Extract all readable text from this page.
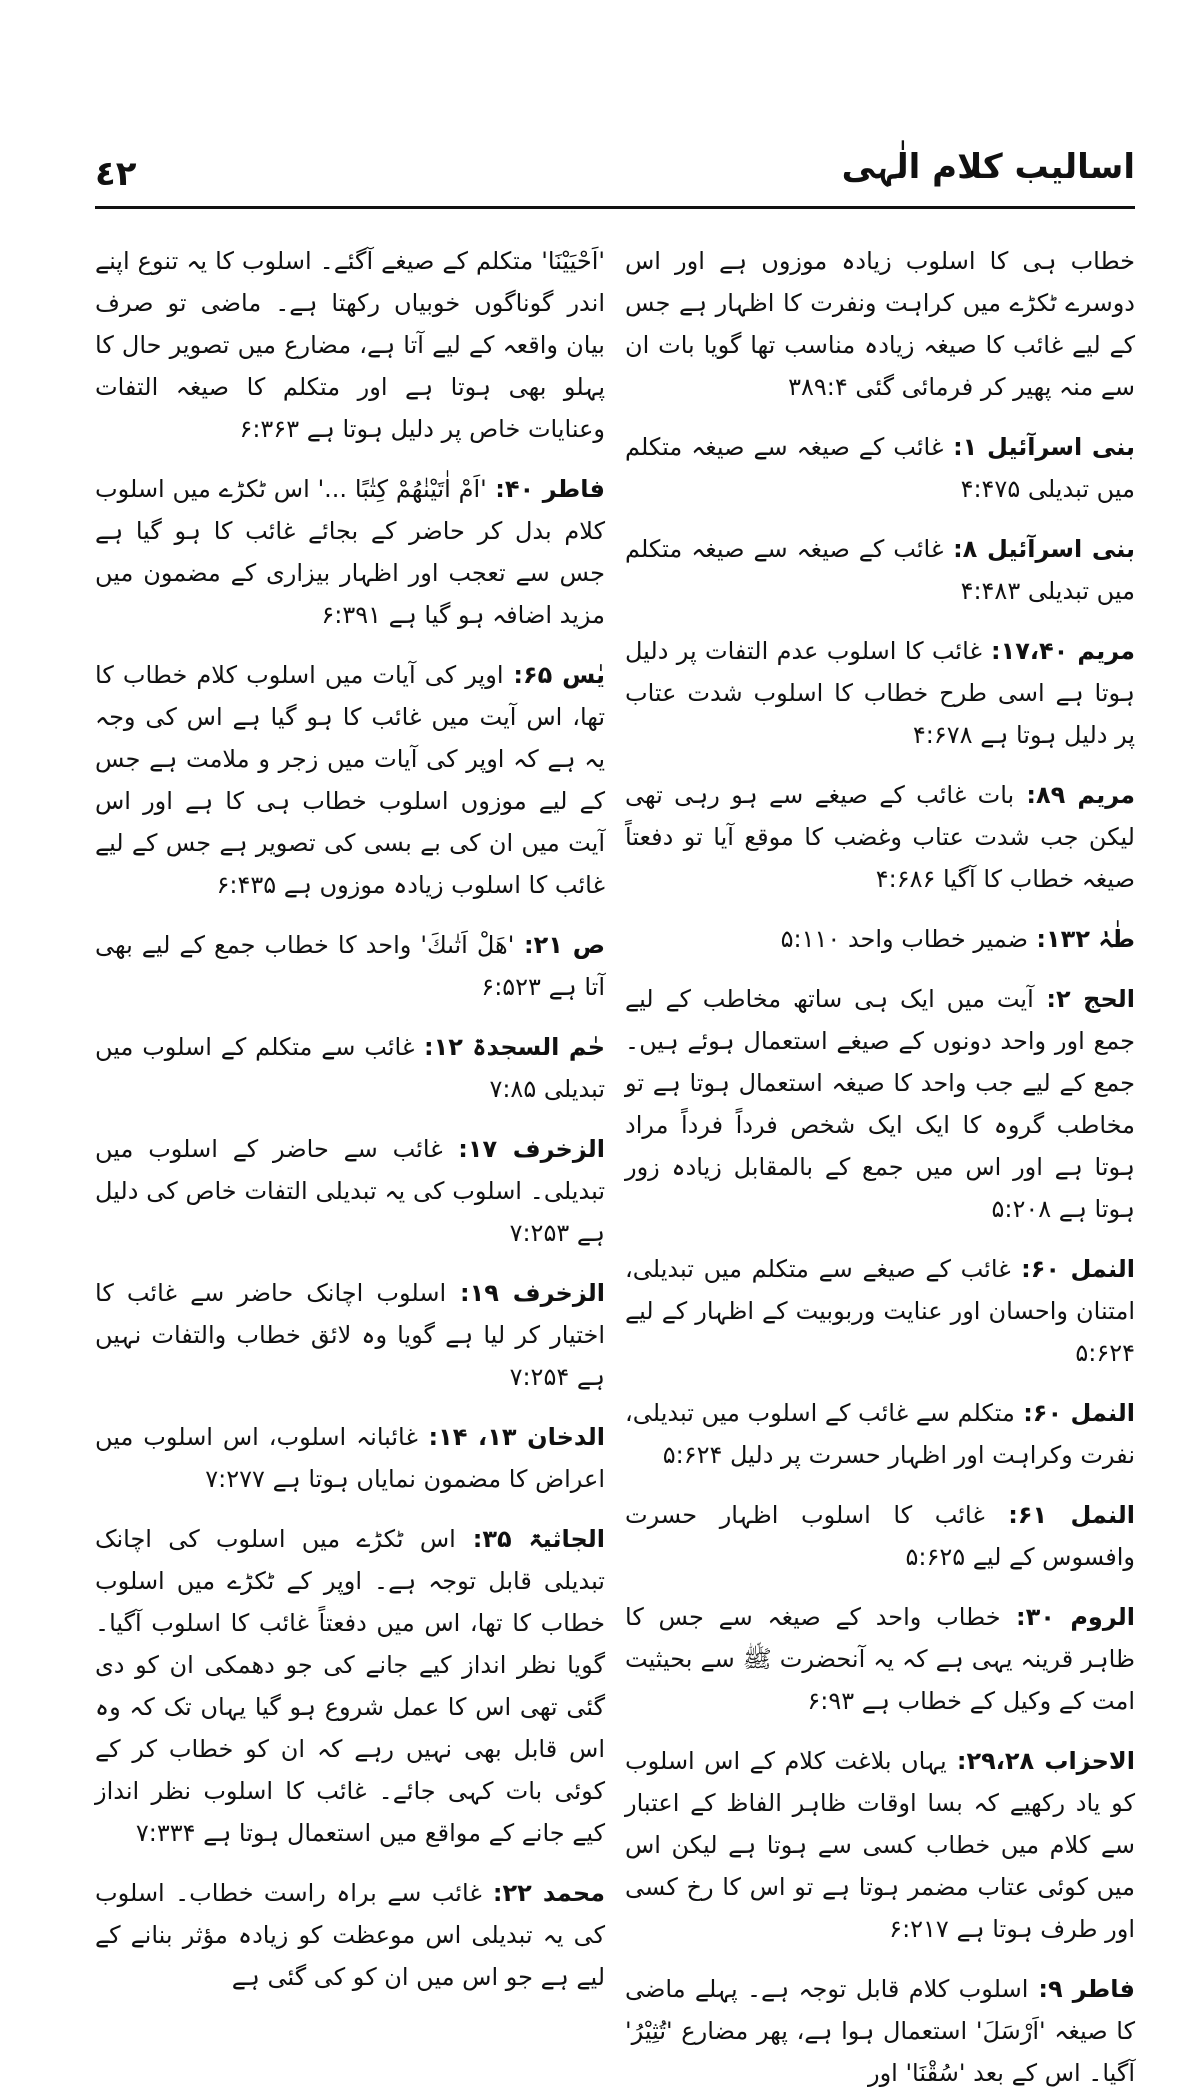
٤٢	اسالیب کلام الٰہی

خطاب ہی کا اسلوب زیادہ موزوں ہے اور اس دوسرے ٹکڑے میں کراہت ونفرت کا اظہار ہے جس کے لیے غائب کا صیغہ زیادہ مناسب تھا گویا بات ان سے منہ پھیر کر فرمائی گئی ۳۸۹:۴

بنی اسرآئیل ۱: غائب کے صیغہ سے صیغہ متکلم میں تبدیلی ۴:۴۷۵

بنی اسرآئیل ۸: غائب کے صیغہ سے صیغہ متکلم میں تبدیلی ۴:۴۸۳

مریم ۱۷،۴۰: غائب کا اسلوب عدم التفات پر دلیل ہوتا ہے اسی طرح خطاب کا اسلوب شدت عتاب پر دلیل ہوتا ہے ۴:۶۷۸

مریم ۸۹: بات غائب کے صیغے سے ہو رہی تھی لیکن جب شدت عتاب وغضب کا موقع آیا تو دفعتاً صیغہ خطاب کا آگیا ۴:۶۸۶

طٰہٰ ۱۳۲: ضمیر خطاب واحد ۵:۱۱۰

الحج ۲: آیت میں ایک ہی ساتھ مخاطب کے لیے جمع اور واحد دونوں کے صیغے استعمال ہوئے ہیں۔ جمع کے لیے جب واحد کا صیغہ استعمال ہوتا ہے تو مخاطب گروہ کا ایک ایک شخص فرداً فرداً مراد ہوتا ہے اور اس میں جمع کے بالمقابل زیادہ زور ہوتا ہے ۵:۲۰۸

النمل ۶۰: غائب کے صیغے سے متکلم میں تبدیلی، امتنان واحسان اور عنایت وربوبیت کے اظہار کے لیے ۵:۶۲۴

النمل ۶۰: متکلم سے غائب کے اسلوب میں تبدیلی، نفرت وکراہت اور اظہار حسرت پر دلیل ۵:۶۲۴

النمل ۶۱: غائب کا اسلوب اظہار حسرت وافسوس کے لیے ۵:۶۲۵

الروم ۳۰: خطاب واحد کے صیغہ سے جس کا ظاہر قرینہ یہی ہے کہ یہ آنحضرت ﷺ سے بحیثیت امت کے وکیل کے خطاب ہے ۶:۹۳

الاحزاب ۲۹،۲۸: یہاں بلاغت کلام کے اس اسلوب کو یاد رکھیے کہ بسا اوقات ظاہر الفاظ کے اعتبار سے کلام میں خطاب کسی سے ہوتا ہے لیکن اس میں کوئی عتاب مضمر ہوتا ہے تو اس کا رخ کسی اور طرف ہوتا ہے ۶:۲۱۷

فاطر ۹: اسلوب کلام قابل توجہ ہے۔ پہلے ماضی کا صیغہ 'اَرْسَلَ' استعمال ہوا ہے، پھر مضارع 'تُثِيْرُ' آگیا۔ اس کے بعد 'سُقْنَا' اور

'اَحْيَيْنَا' متکلم کے صیغے آگئے۔ اسلوب کا یہ تنوع اپنے اندر گوناگوں خوبیاں رکھتا ہے۔ ماضی تو صرف بیان واقعہ کے لیے آتا ہے، مضارع میں تصویر حال کا پہلو بھی ہوتا ہے اور متکلم کا صیغہ التفات وعنایات خاص پر دلیل ہوتا ہے ۶:۳۶۳

فاطر ۴۰: 'اَمْ اٰتَيْنٰهُمْ كِتٰبًا ...' اس ٹکڑے میں اسلوب کلام بدل کر حاضر کے بجائے غائب کا ہو گیا ہے جس سے تعجب اور اظہار بیزاری کے مضمون میں مزید اضافہ ہو گیا ہے ۶:۳۹۱

یٰس ۶۵: اوپر کی آیات میں اسلوب کلام خطاب کا تھا، اس آیت میں غائب کا ہو گیا ہے اس کی وجہ یہ ہے کہ اوپر کی آیات میں زجر و ملامت ہے جس کے لیے موزوں اسلوب خطاب ہی کا ہے اور اس آیت میں ان کی بے بسی کی تصویر ہے جس کے لیے غائب کا اسلوب زیادہ موزوں ہے ۶:۴۳۵

ص ۲۱: 'هَلْ اَتٰىكَ' واحد کا خطاب جمع کے لیے بھی آتا ہے ۶:۵۲۳

حٰم السجدۃ ۱۲: غائب سے متکلم کے اسلوب میں تبدیلی ۷:۸۵

الزخرف ۱۷: غائب سے حاضر کے اسلوب میں تبدیلی۔ اسلوب کی یہ تبدیلی التفات خاص کی دلیل ہے ۷:۲۵۳

الزخرف ۱۹: اسلوب اچانک حاضر سے غائب کا اختیار کر لیا ہے گویا وہ لائق خطاب والتفات نہیں ہے ۷:۲۵۴

الدخان ۱۳، ۱۴: غائبانہ اسلوب، اس اسلوب میں اعراض کا مضمون نمایاں ہوتا ہے ۷:۲۷۷

الجاثیۃ ۳۵: اس ٹکڑے میں اسلوب کی اچانک تبدیلی قابل توجہ ہے۔ اوپر کے ٹکڑے میں اسلوب خطاب کا تھا، اس میں دفعتاً غائب کا اسلوب آگیا۔ گویا نظر انداز کیے جانے کی جو دھمکی ان کو دی گئی تھی اس کا عمل شروع ہو گیا یہاں تک کہ وہ اس قابل بھی نہیں رہے کہ ان کو خطاب کر کے کوئی بات کہی جائے۔ غائب کا اسلوب نظر انداز کیے جانے کے مواقع میں استعمال ہوتا ہے ۷:۳۳۴

محمد ۲۲: غائب سے براہ راست خطاب۔ اسلوب کی یہ تبدیلی اس موعظت کو زیادہ مؤثر بنانے کے لیے ہے جو اس میں ان کو کی گئی ہے
